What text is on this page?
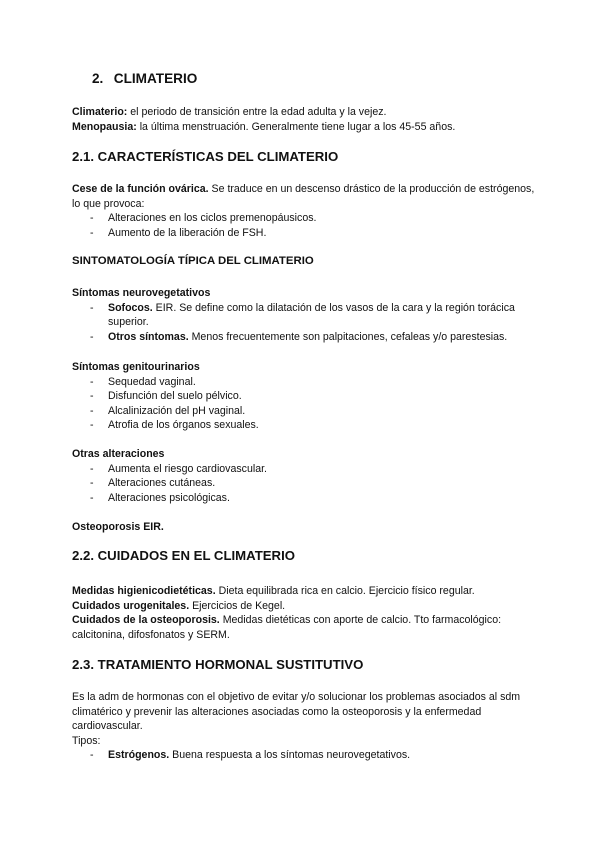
2. CLIMATERIO

Climaterio: el periodo de transición entre la edad adulta y la vejez.

Menopausia: la última menstruación. Generalmente tiene lugar a los 45-55 años.

2.1. CARACTERÍSTICAS DEL CLIMATERIO

Cese de la función ovárica. Se traduce en un descenso drástico de la producción de estrógenos, lo que provoca:

- Alteraciones en los ciclos premenopáusicos.
- Aumento de la liberación de FSH.
SINTOMATOLOGÍA TÍPICA DEL CLIMATERIO

Síntomas neurovegetativos

- Sofocos. EIR. Se define como la dilatación de los vasos de la cara y la región torácica superior.
- Otros síntomas. Menos frecuentemente son palpitaciones, cefaleas y/o parestesias.

Síntomas genitourinarios

- Sequedad vaginal.
- Disfunción del suelo pélvico.
- Alcalinización del pH vaginal.
- Atrofia de los órganos sexuales.

Otras alteraciones

- Aumenta el riesgo cardiovascular.
- Alteraciones cutáneas.
- Alteraciones psicológicas.
Osteoporosis EIR.
2.2. CUIDADOS EN EL CLIMATERIO

Medidas higienicodietéticas. Dieta equilibrada rica en calcio. Ejercicio físico regular.

Cuidados urogenitales. Ejercicios de Kegel.

Cuidados de la osteoporosis. Medidas dietéticas con aporte de calcio. Tto farmacológico: calcitonina, difosfonatos y SERM.

2.3. TRATAMIENTO HORMONAL SUSTITUTIVO

Es la adm de hormonas con el objetivo de evitar y/o solucionar los problemas asociados al sdm climatérico y prevenir las alteraciones asociadas como la osteoporosis y la enfermedad cardiovascular.

Tipos:

- Estrógenos. Buena respuesta a los síntomas neurovegetativos.
